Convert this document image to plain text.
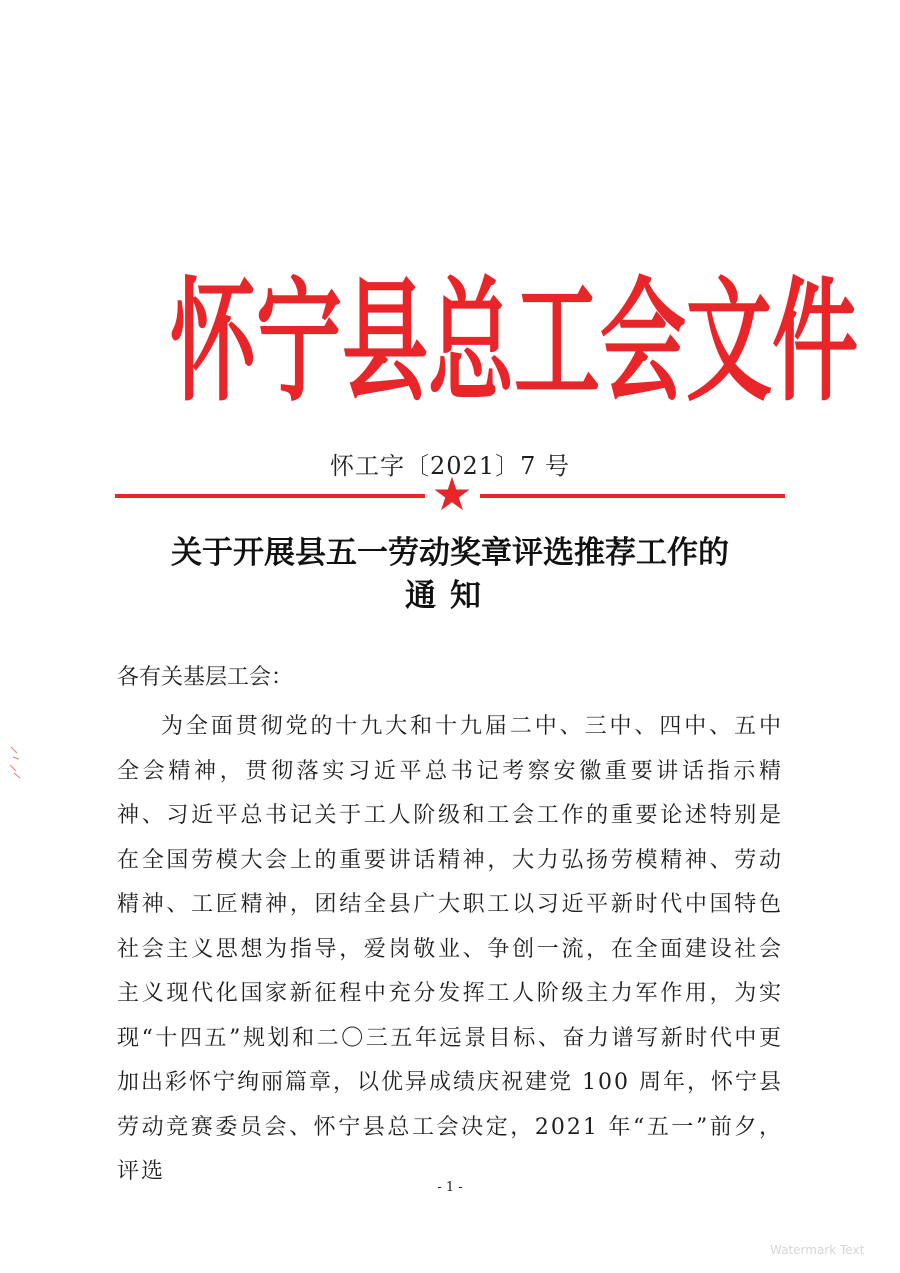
怀 宁 县 总 工 会 文 件
怀工字〔2021〕7 号
★
关于开展县五一劳动奖章评选推荐工作的
通知
各有关基层工会：
为全面贯彻党的十九大和十九届二中、三中、四中、五中全会精神，贯彻落实习近平总书记考察安徽重要讲话指示精神、习近平总书记关于工人阶级和工会工作的重要论述特别是在全国劳模大会上的重要讲话精神，大力弘扬劳模精神、劳动精神、工匠精神，团结全县广大职工以习近平新时代中国特色社会主义思想为指导，爱岗敬业、争创一流，在全面建设社会主义现代化国家新征程中充分发挥工人阶级主力军作用，为实现“十四五”规划和二〇三五年远景目标、奋力谱写新时代中更加出彩怀宁绚丽篇章，以优异成绩庆祝建党 100 周年，怀宁县劳动竞赛委员会、怀宁县总工会决定，2021 年“五一”前夕，评选
- 1 -
Watermark Text
